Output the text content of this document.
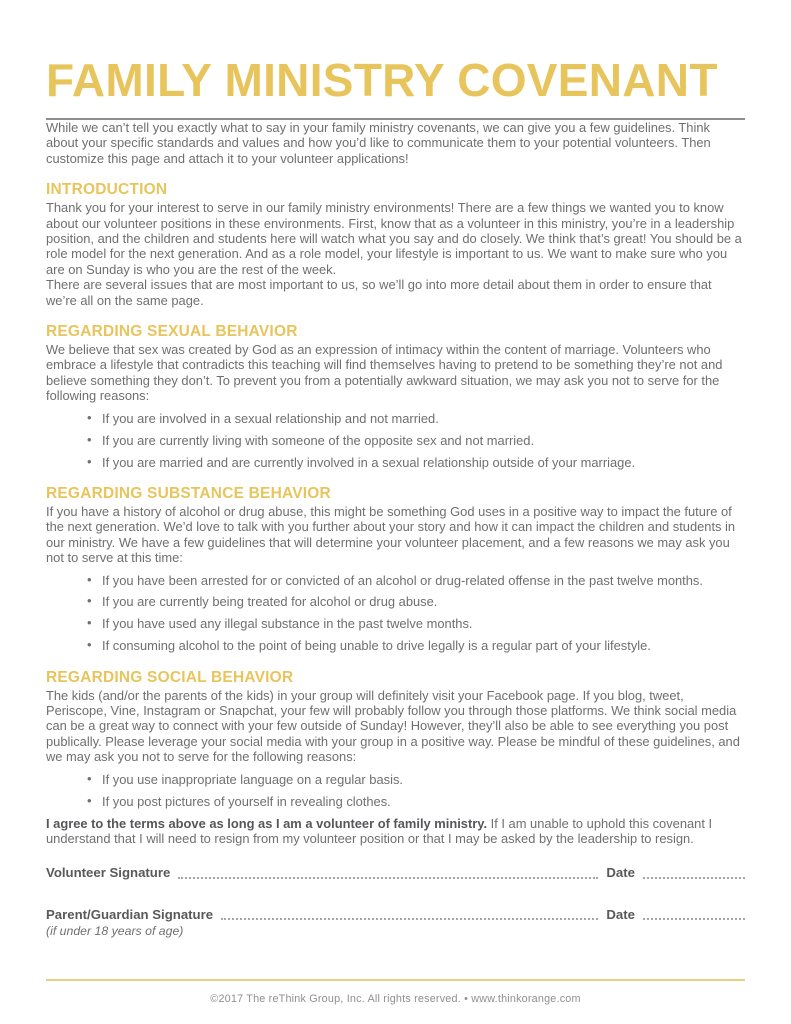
FAMILY MINISTRY COVENANT

While we can’t tell you exactly what to say in your family ministry covenants, we can give you a few guidelines. Think about your specific standards and values and how you’d like to communicate them to your potential volunteers. Then customize this page and attach it to your volunteer applications!

INTRODUCTION

Thank you for your interest to serve in our family ministry environments! There are a few things we wanted you to know about our volunteer positions in these environments. First, know that as a volunteer in this ministry, you’re in a leadership position, and the children and students here will watch what you say and do closely. We think that’s great! You should be a role model for the next generation. And as a role model, your lifestyle is important to us. We want to make sure who you are on Sunday is who you are the rest of the week.

There are several issues that are most important to us, so we’ll go into more detail about them in order to ensure that we’re all on the same page.

REGARDING SEXUAL BEHAVIOR

We believe that sex was created by God as an expression of intimacy within the content of marriage. Volunteers who embrace a lifestyle that contradicts this teaching will find themselves having to pretend to be something they’re not and believe something they don’t. To prevent you from a potentially awkward situation, we may ask you not to serve for the following reasons:

• If you are involved in a sexual relationship and not married.
• If you are currently living with someone of the opposite sex and not married.
• If you are married and are currently involved in a sexual relationship outside of your marriage.
REGARDING SUBSTANCE BEHAVIOR

If you have a history of alcohol or drug abuse, this might be something God uses in a positive way to impact the future of the next generation. We’d love to talk with you further about your story and how it can impact the children and students in our ministry. We have a few guidelines that will determine your volunteer placement, and a few reasons we may ask you not to serve at this time:

• If you have been arrested for or convicted of an alcohol or drug-related offense in the past twelve months.
• If you are currently being treated for alcohol or drug abuse.
• If you have used any illegal substance in the past twelve months.
• If consuming alcohol to the point of being unable to drive legally is a regular part of your lifestyle.
REGARDING SOCIAL BEHAVIOR

The kids (and/or the parents of the kids) in your group will definitely visit your Facebook page. If you blog, tweet, Periscope, Vine, Instagram or Snapchat, your few will probably follow you through those platforms. We think social media can be a great way to connect with your few outside of Sunday! However, they’ll also be able to see everything you post publically. Please leverage your social media with your group in a positive way. Please be mindful of these guidelines, and we may ask you not to serve for the following reasons:

• If you use inappropriate language on a regular basis.
• If you post pictures of yourself in revealing clothes.

I agree to the terms above as long as I am a volunteer of family ministry. If I am unable to uphold this covenant I understand that I will need to resign from my volunteer position or that I may be asked by the leadership to resign.

Volunteer Signature	Date
Parent/Guardian Signature	Date
(if under 18 years of age)
©2017 The reThink Group, Inc. All rights reserved. • www.thinkorange.com
